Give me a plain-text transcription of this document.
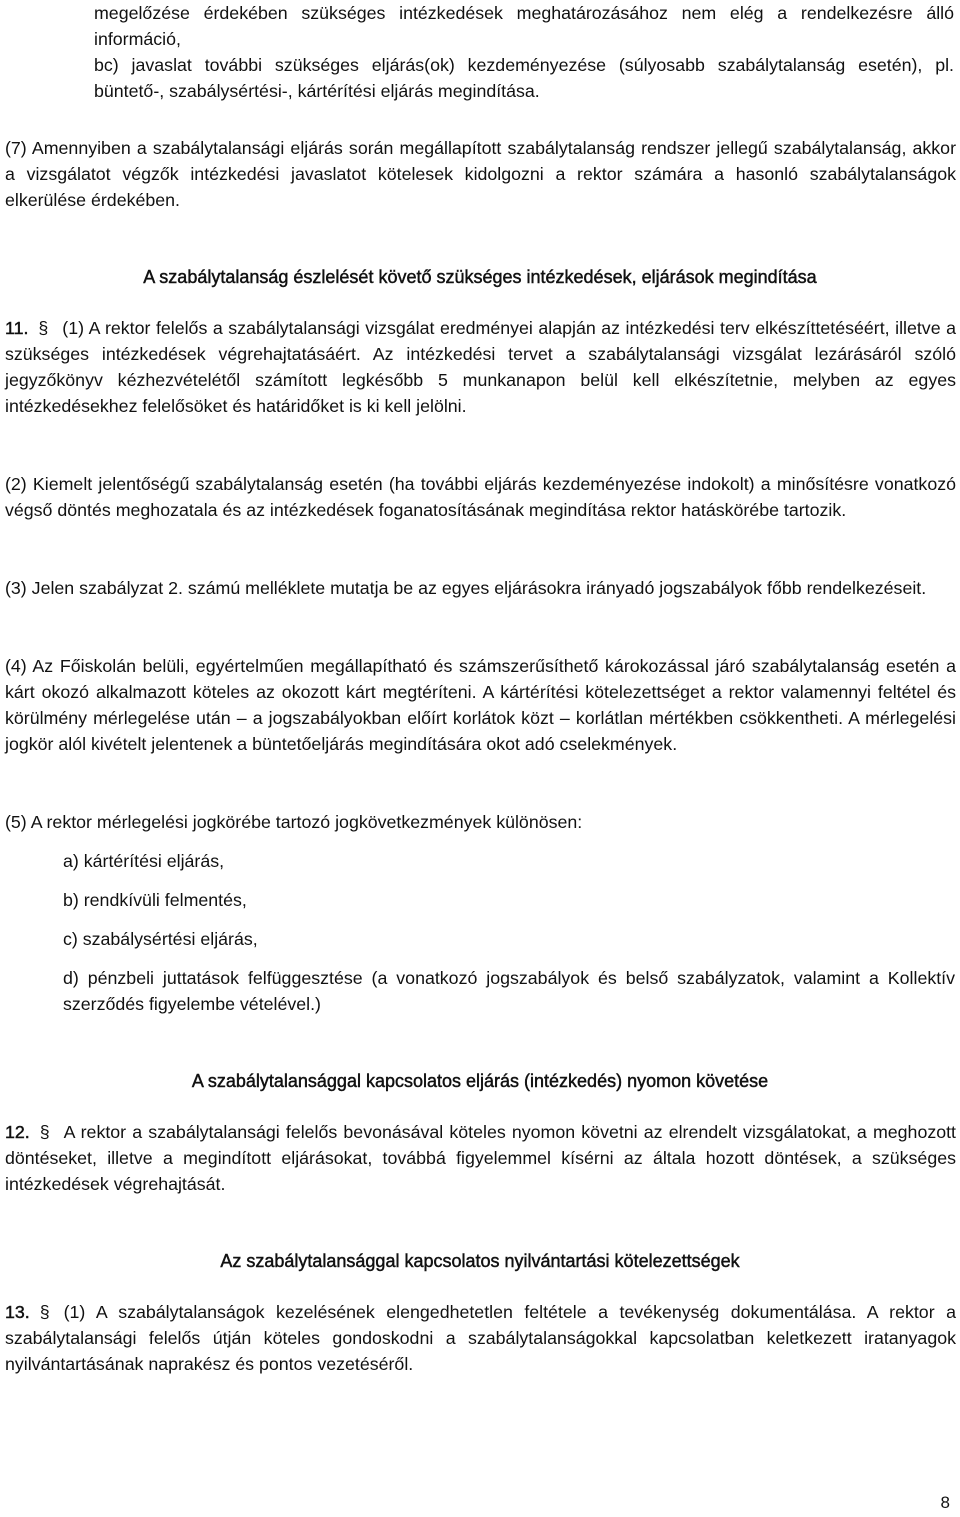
megelőzése érdekében szükséges intézkedések meghatározásához nem elég a rendelkezésre álló információ,

bc) javaslat további szükséges eljárás(ok) kezdeményezése (súlyosabb szabálytalanság esetén), pl. büntető-, szabálysértési-, kártérítési eljárás megindítása.

(7) Amennyiben a szabálytalansági eljárás során megállapított szabálytalanság rendszer jellegű szabálytalanság, akkor a vizsgálatot végzők intézkedési javaslatot kötelesek kidolgozni a rektor számára a hasonló szabálytalanságok elkerülése érdekében.

A szabálytalanság észlelését követő szükséges intézkedések, eljárások megindítása

11. § (1) A rektor felelős a szabálytalansági vizsgálat eredményei alapján az intézkedési terv elkészíttetéséért, illetve a szükséges intézkedések végrehajtatásáért. Az intézkedési tervet a szabálytalansági vizsgálat lezárásáról szóló jegyzőkönyv kézhezvételétől számított legkésőbb 5 munkanapon belül kell elkészítetnie, melyben az egyes intézkedésekhez felelősöket és határidőket is ki kell jelölni.

(2) Kiemelt jelentőségű szabálytalanság esetén (ha további eljárás kezdeményezése indokolt) a minősítésre vonatkozó végső döntés meghozatala és az intézkedések foganatosításának megindítása rektor hatáskörébe tartozik.

(3) Jelen szabályzat 2. számú melléklete mutatja be az egyes eljárásokra irányadó jogszabályok főbb rendelkezéseit.

(4) Az Főiskolán belüli, egyértelműen megállapítható és számszerűsíthető károkozással járó szabálytalanság esetén a kárt okozó alkalmazott köteles az okozott kárt megtéríteni. A kártérítési kötelezettséget a rektor valamennyi feltétel és körülmény mérlegelése után – a jogszabályokban előírt korlátok közt – korlátlan mértékben csökkentheti. A mérlegelési jogkör alól kivételt jelentenek a büntetőeljárás megindítására okot adó cselekmények.

(5) A rektor mérlegelési jogkörébe tartozó jogkövetkezmények különösen:

a) kártérítési eljárás,

b) rendkívüli felmentés,

c) szabálysértési eljárás,

d) pénzbeli juttatások felfüggesztése (a vonatkozó jogszabályok és belső szabályzatok, valamint a Kollektív szerződés figyelembe vételével.)

A szabálytalansággal kapcsolatos eljárás (intézkedés) nyomon követése

12. § A rektor a szabálytalansági felelős bevonásával köteles nyomon követni az elrendelt vizsgálatokat, a meghozott döntéseket, illetve a megindított eljárásokat, továbbá figyelemmel kísérni az általa hozott döntések, a szükséges intézkedések végrehajtását.

Az szabálytalansággal kapcsolatos nyilvántartási kötelezettségek

13. § (1) A szabálytalanságok kezelésének elengedhetetlen feltétele a tevékenység dokumentálása. A rektor a szabálytalansági felelős útján köteles gondoskodni a szabálytalanságokkal kapcsolatban keletkezett iratanyagok nyilvántartásának naprakész és pontos vezetéséről.

8
